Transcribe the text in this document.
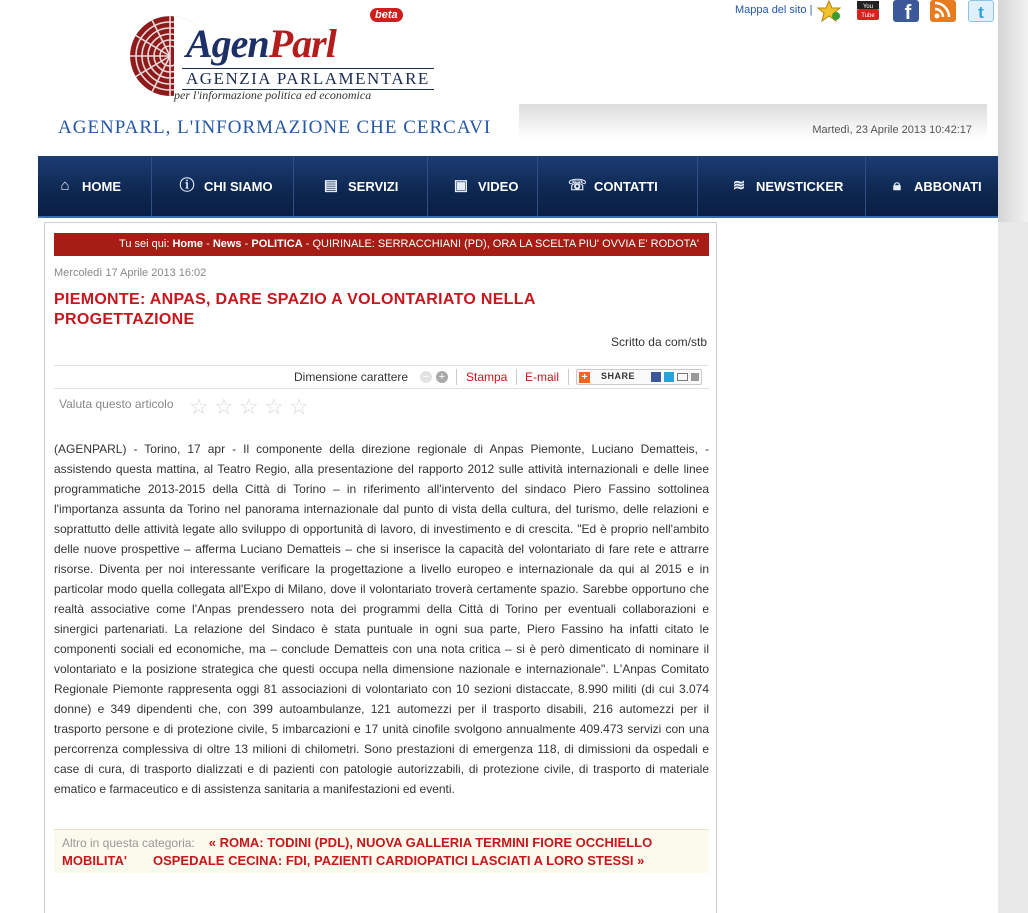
AgenParl
beta
AGENZIA PARLAMENTARE
per l'informazione politica ed economica
AGENPARL, L'INFORMAZIONE CHE CERCAVI
Mappa del sito |	You
Tube f	t
Martedì, 23 Aprile 2013 10:42:17
⌂ HOME	ⓘ CHI SIAMO	▤ SERVIZI	▣ VIDEO	☏ CONTATTI	≋ NEWSTICKER	🔒︎	ABBONATI
Tu sei qui: Home - News - POLITICA - QUIRINALE: SERRACCHIANI (PD), ORA LA SCELTA PIU' OVVIA E' RODOTA'
Mercoledì 17 Aprile 2013 16:02
PIEMONTE: ANPAS, DARE SPAZIO A VOLONTARIATO NELLA PROGETTAZIONE
Scritto da com/stb
Dimensione carattere − + Stampa E-mail + SHARE
Valuta questo articolo ☆ ☆ ☆ ☆ ☆
(AGENPARL) - Torino, 17 apr - Il componente della direzione regionale di Anpas Piemonte, Luciano Dematteis, - assistendo questa mattina, al Teatro Regio, alla presentazione del rapporto 2012 sulle attività internazionali e delle linee programmatiche 2013-2015 della Città di Torino – in riferimento all'intervento del sindaco Piero Fassino sottolinea l'importanza assunta da Torino nel panorama internazionale dal punto di vista della cultura, del turismo, delle relazioni e soprattutto delle attività legate allo sviluppo di opportunità di lavoro, di investimento e di crescita. "Ed è proprio nell'ambito delle nuove prospettive – afferma Luciano Dematteis – che si inserisce la capacità del volontariato di fare rete e attrarre risorse. Diventa per noi interessante verificare la progettazione a livello europeo e internazionale da qui al 2015 e in particolar modo quella collegata all'Expo di Milano, dove il volontariato troverà certamente spazio. Sarebbe opportuno che realtà associative come l'Anpas prendessero nota dei programmi della Città di Torino per eventuali collaborazioni e sinergici partenariati. La relazione del Sindaco è stata puntuale in ogni sua parte, Piero Fassino ha infatti citato le componenti sociali ed economiche, ma – conclude Dematteis con una nota critica – si è però dimenticato di nominare il volontariato e la posizione strategica che questi occupa nella dimensione nazionale e internazionale". L'Anpas Comitato Regionale Piemonte rappresenta oggi 81 associazioni di volontariato con 10 sezioni distaccate, 8.990 militi (di cui 3.074 donne) e 349 dipendenti che, con 399 autoambulanze, 121 automezzi per il trasporto disabili, 216 automezzi per il trasporto persone e di protezione civile, 5 imbarcazioni e 17 unità cinofile svolgono annualmente 409.473 servizi con una percorrenza complessiva di oltre 13 milioni di chilometri. Sono prestazioni di emergenza 118, di dimissioni da ospedali e case di cura, di trasporto dializzati e di pazienti con patologie autorizzabili, di protezione civile, di trasporto di materiale ematico e farmaceutico e di assistenza sanitaria a manifestazioni ed eventi.
Altro in questa categoria: « ROMA: TODINI (PDL), NUOVA GALLERIA TERMINI FIORE OCCHIELLO MOBILITA' OSPEDALE CECINA: FDI, PAZIENTI CARDIOPATICI LASCIATI A LORO STESSI »
